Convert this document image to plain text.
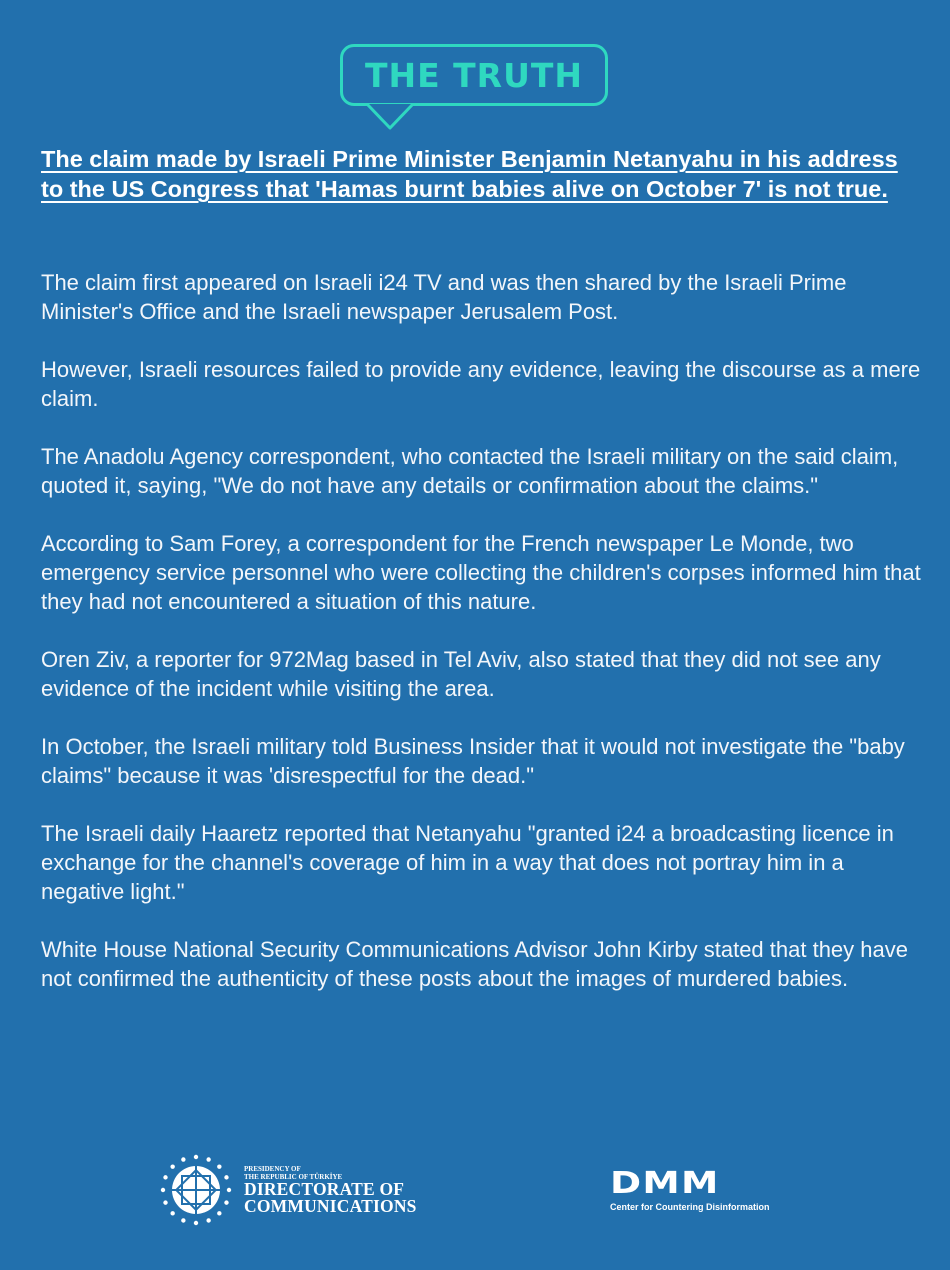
THE TRUTH
The claim made by Israeli Prime Minister Benjamin Netanyahu in his address to the US Congress that 'Hamas burnt babies alive on October 7' is not true.

The claim first appeared on Israeli i24 TV and was then shared by the Israeli Prime Minister's Office and the Israeli newspaper Jerusalem Post.

However, Israeli resources failed to provide any evidence, leaving the discourse as a mere claim.

The Anadolu Agency correspondent, who contacted the Israeli military on the said claim, quoted it, saying, "We do not have any details or confirmation about the claims."

According to Sam Forey, a correspondent for the French newspaper Le Monde, two emergency service personnel who were collecting the children's corpses informed him that they had not encountered a situation of this nature.

Oren Ziv, a reporter for 972Mag based in Tel Aviv, also stated that they did not see any evidence of the incident while visiting the area.

In October, the Israeli military told Business Insider that it would not investigate the "baby claims" because it was 'disrespectful for the dead."

The Israeli daily Haaretz reported that Netanyahu "granted i24 a broadcasting licence in exchange for the channel's coverage of him in a way that does not portray him in a negative light."

White House National Security Communications Advisor John Kirby stated that they have not confirmed the authenticity of these posts about the images of murdered babies.

PRESIDENCY OF
THE REPUBLIC OF TÜRKİYE
DIRECTORATE OF
COMMUNICATIONS
DMM
Center for Countering Disinformation
